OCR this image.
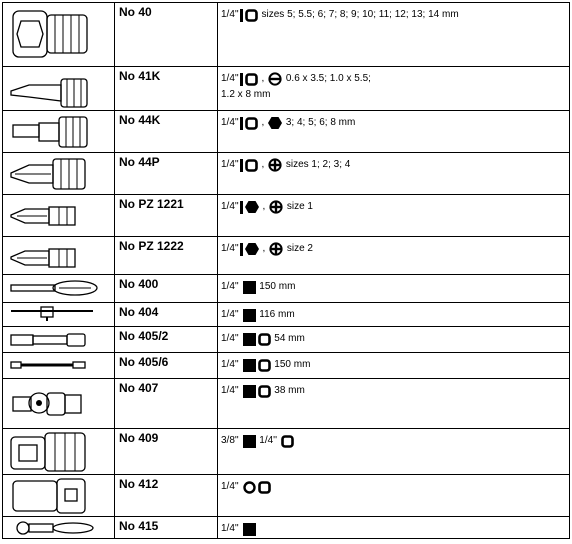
	No 40	1/4'' sizes 5; 5.5; 6; 7; 8; 9; 10; 11; 12; 13; 14 mm

	No 41K	1/4'' , 0.6 x 3.5; 1.0 x 5.5;
1.2 x 8 mm

	No 44K	1/4'' , 3; 4; 5; 6; 8 mm

	No 44P	1/4'' , sizes 1; 2; 3; 4

	No PZ 1221	1/4'' , size 1

	No PZ 1222	1/4'' , size 2

	No 400	1/4'' 150 mm

	No 404	1/4'' 116 mm

	No 405/2	1/4'' 54 mm

	No 405/6	1/4'' 150 mm

	No 407	1/4'' 38 mm

	No 409	3/8'' 1/4''

	No 412	1/4''

	No 415	1/4''
